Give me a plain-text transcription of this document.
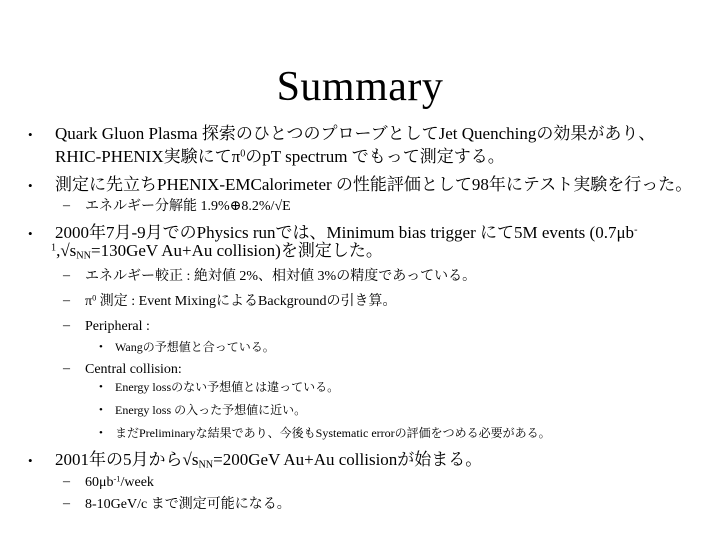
Summary
• Quark Gluon Plasma 探索のひとつのプローブとしてJet Quenchingの効果があり、
RHIC-PHENIX実験にて$\pi^0$のpT spectrum でもって測定する。
• 測定に先立ちPHENIX-EMCalorimeter の性能評価として98年にテスト実験を行った。
– エネルギー分解能 1.9%⊕8.2%/√E
• 2000年7月-9月でのPhysics runでは、Minimum bias trigger にて5M events (0.7μb-
$^1,√s_{NN}=130GeV$ Au+Au collision)を測定した。
– エネルギー較正 : 絶対値 2%、相対値 3%の精度であっている。
– $\pi^0$ 測定 : Event MixingによるBackgroundの引き算。
– Peripheral :
• Wangの予想値と合っている。
– Central collision:
• Energy lossのない予想値とは違っている。
• Energy loss の入った予想値に近い。
• まだPreliminaryな結果であり、今後もSystematic errorの評価をつめる必要がある。
• 2001年の5月から$√s_{NN}=200GeV$ Au+Au collisionが始まる。
– $60\mu b^{-1}$/week
– 8-10GeV/c まで測定可能になる。
